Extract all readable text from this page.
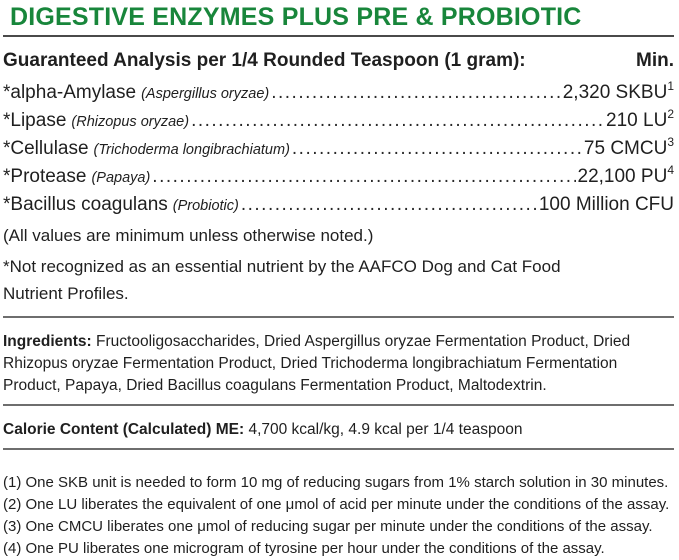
DIGESTIVE ENZYMES PLUS PRE & PROBIOTIC
Guaranteed Analysis per 1/4 Rounded Teaspoon (1 gram):	Min.
*alpha-Amylase (Aspergillus oryzae) .....	2,320 SKBU$^1$
*Lipase (Rhizopus oryzae) .....	210 $LU^2$
*Cellulase (Trichoderma longibrachiatum) .....	75 CMCU$^3$
*Protease (Papaya) .....	22,100 $PU^4$
*Bacillus coagulans (Probiotic) .....	100 Million CFU

(All values are minimum unless otherwise noted.)

*Not recognized as an essential nutrient by the AAFCO Dog and Cat Food Nutrient Profiles.

Ingredients: Fructooligosaccharides, Dried Aspergillus oryzae Fermentation Product, Dried Rhizopus oryzae Fermentation Product, Dried Trichoderma longibrachiatum Fermentation Product, Papaya, Dried Bacillus coagulans Fermentation Product, Maltodextrin.

Calorie Content (Calculated) ME: 4,700 kcal/kg, 4.9 kcal per 1/4 teaspoon

(1) One SKB unit is needed to form 10 mg of reducing sugars from 1% starch solution in 30 minutes.

(2) One LU liberates the equivalent of one μmol of acid per minute under the conditions of the assay.

(3) One CMCU liberates one μmol of reducing sugar per minute under the conditions of the assay.

(4) One PU liberates one microgram of tyrosine per hour under the conditions of the assay.
